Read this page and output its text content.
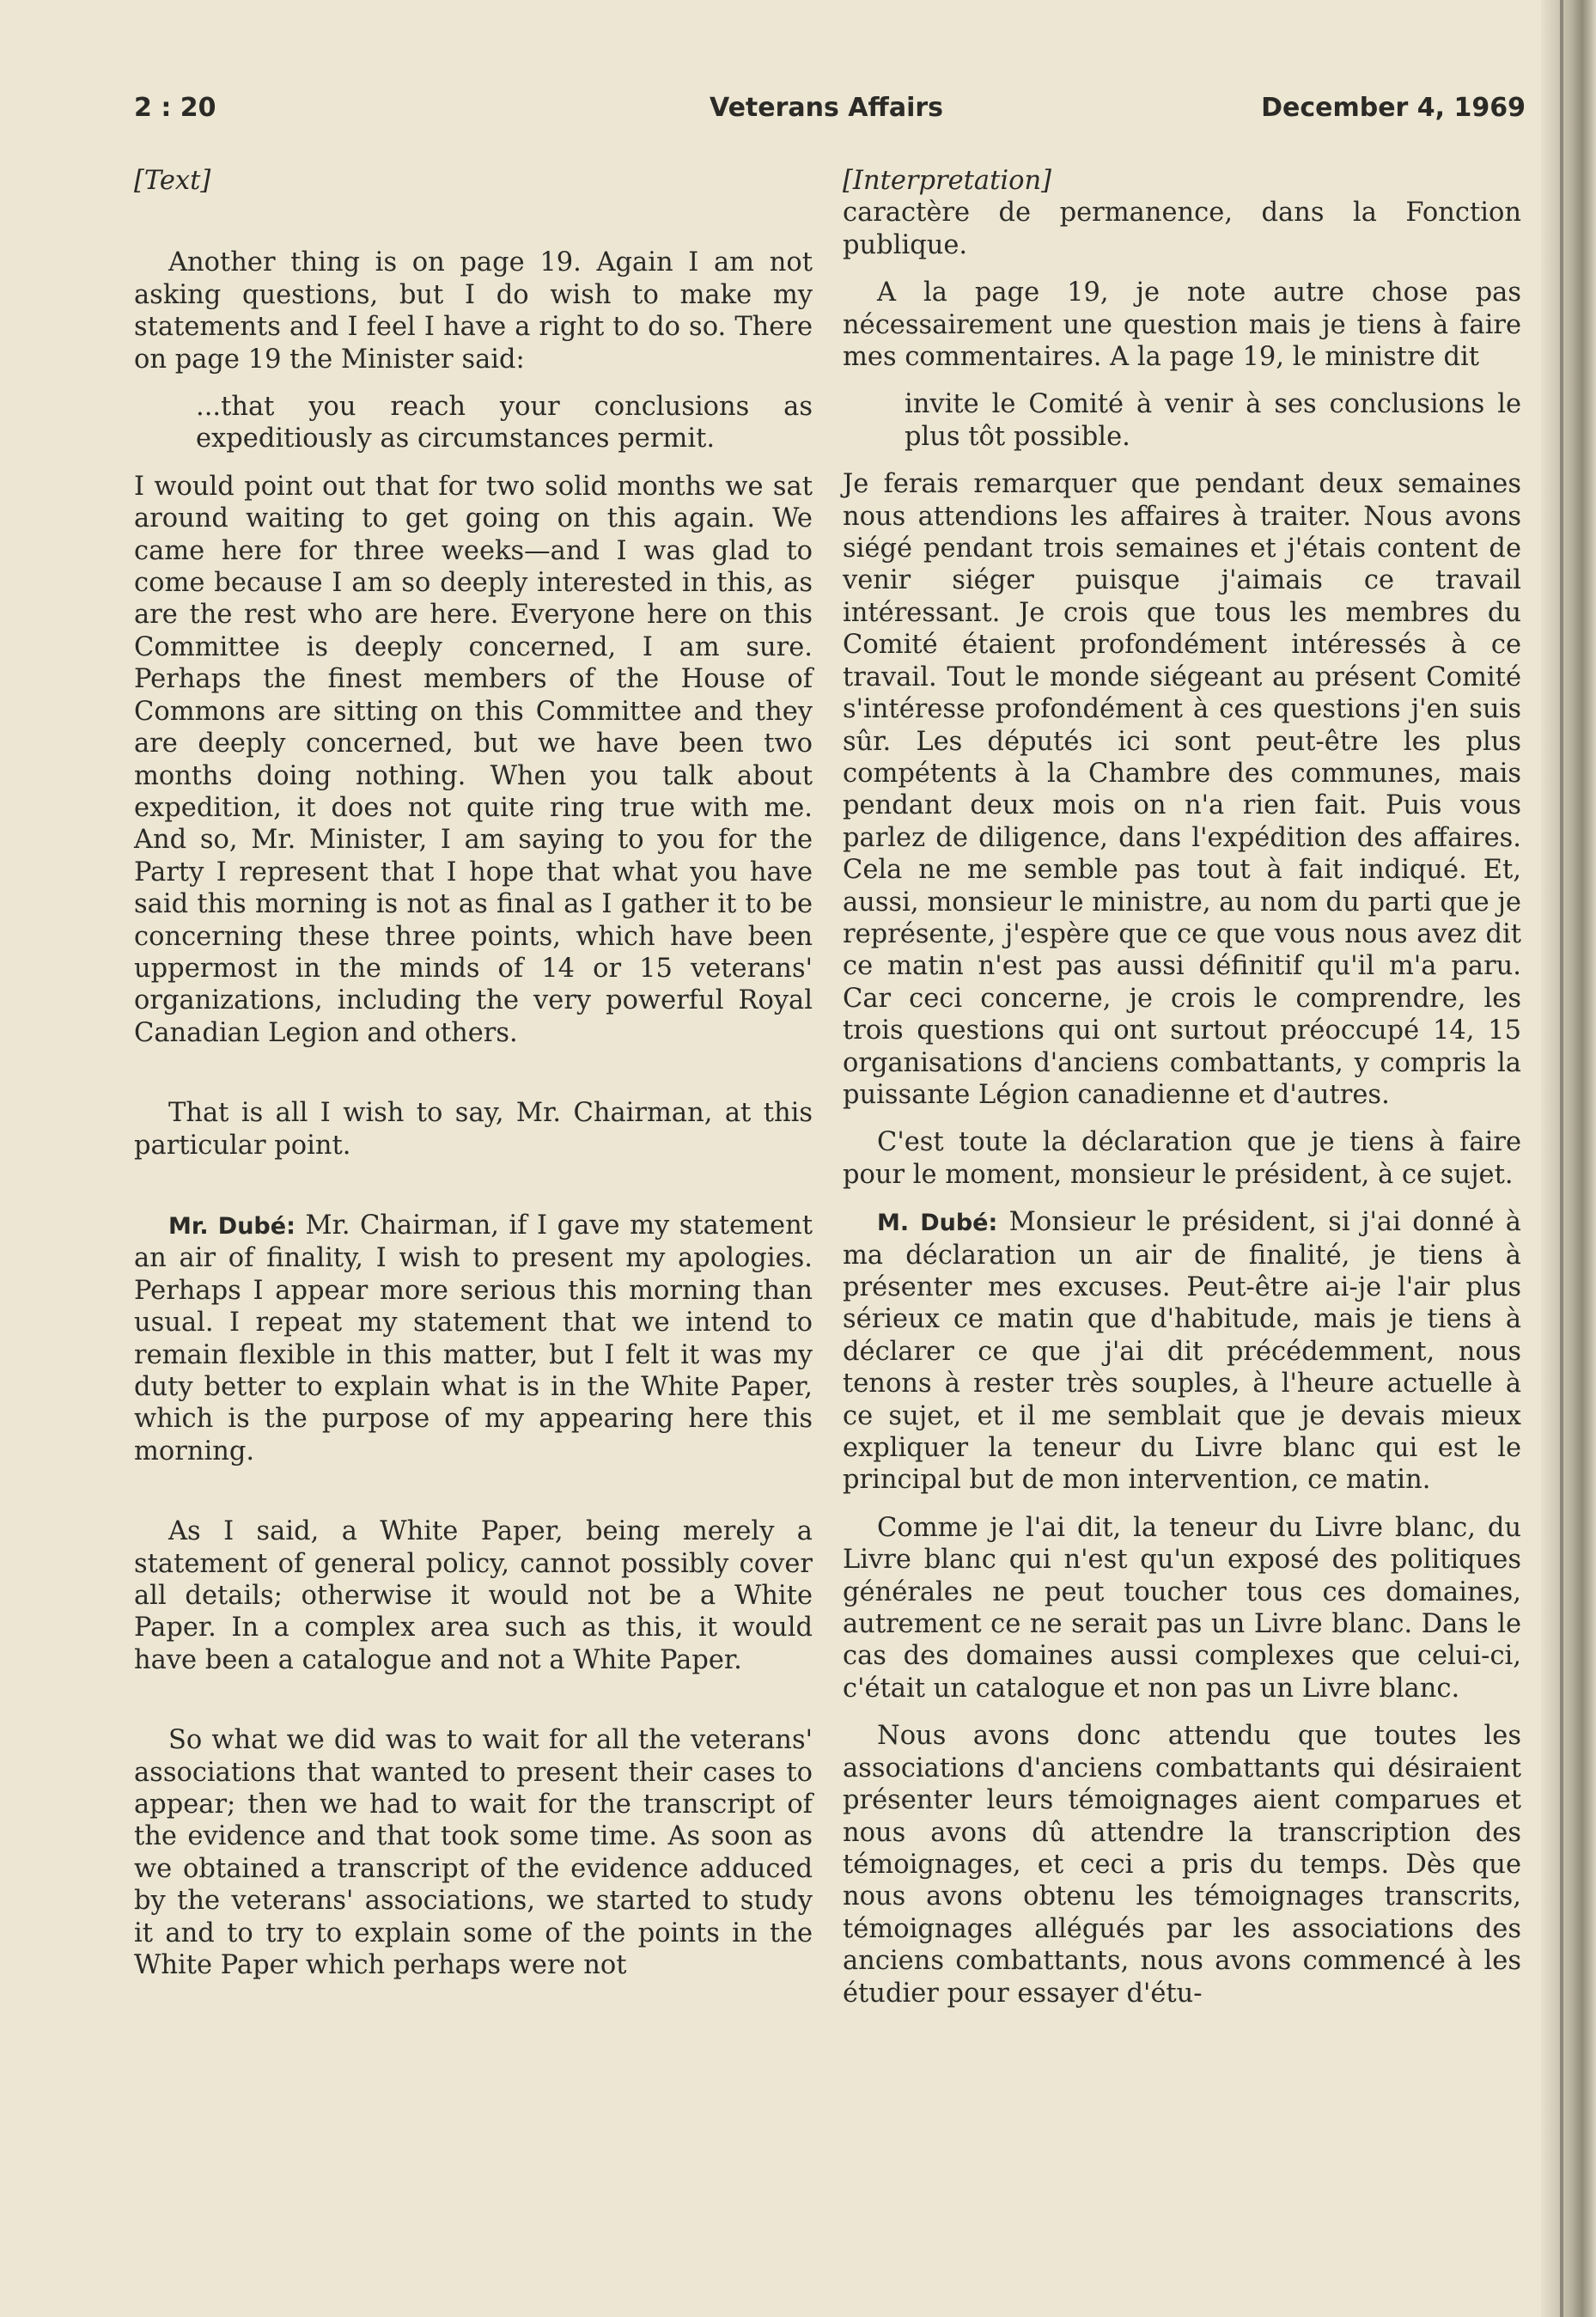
2 : 20	Veterans Affairs	December 4, 1969

[Text]

Another thing is on page 19. Again I am not asking questions, but I do wish to make my statements and I feel I have a right to do so. There on page 19 the Minister said:

...that you reach your conclusions as expeditiously as circumstances permit.

I would point out that for two solid months we sat around waiting to get going on this again. We came here for three weeks—and I was glad to come because I am so deeply interested in this, as are the rest who are here. Everyone here on this Committee is deeply concerned, I am sure. Perhaps the finest members of the House of Commons are sitting on this Committee and they are deeply concerned, but we have been two months doing nothing. When you talk about expedition, it does not quite ring true with me. And so, Mr. Minister, I am saying to you for the Party I represent that I hope that what you have said this morning is not as final as I gather it to be concerning these three points, which have been uppermost in the minds of 14 or 15 veterans' organizations, including the very powerful Royal Canadian Legion and others.

That is all I wish to say, Mr. Chairman, at this particular point.

Mr. Dubé: Mr. Chairman, if I gave my statement an air of finality, I wish to present my apologies. Perhaps I appear more serious this morning than usual. I repeat my statement that we intend to remain flexible in this matter, but I felt it was my duty better to explain what is in the White Paper, which is the purpose of my appearing here this morning.

As I said, a White Paper, being merely a statement of general policy, cannot possibly cover all details; otherwise it would not be a White Paper. In a complex area such as this, it would have been a catalogue and not a White Paper.

So what we did was to wait for all the veterans' associations that wanted to present their cases to appear; then we had to wait for the transcript of the evidence and that took some time. As soon as we obtained a transcript of the evidence adduced by the veterans' associations, we started to study it and to try to explain some of the points in the White Paper which perhaps were not

[Interpretation]

caractère de permanence, dans la Fonction publique.

A la page 19, je note autre chose pas nécessairement une question mais je tiens à faire mes commentaires. A la page 19, le ministre dit

invite le Comité à venir à ses conclusions le plus tôt possible.

Je ferais remarquer que pendant deux semaines nous attendions les affaires à traiter. Nous avons siégé pendant trois semaines et j'étais content de venir siéger puisque j'aimais ce travail intéressant. Je crois que tous les membres du Comité étaient profondément intéressés à ce travail. Tout le monde siégeant au présent Comité s'intéresse profondément à ces questions j'en suis sûr. Les députés ici sont peut-être les plus compétents à la Chambre des communes, mais pendant deux mois on n'a rien fait. Puis vous parlez de diligence, dans l'expédition des affaires. Cela ne me semble pas tout à fait indiqué. Et, aussi, monsieur le ministre, au nom du parti que je représente, j'espère que ce que vous nous avez dit ce matin n'est pas aussi définitif qu'il m'a paru. Car ceci concerne, je crois le comprendre, les trois questions qui ont surtout préoccupé 14, 15 organisations d'anciens combattants, y compris la puissante Légion canadienne et d'autres.

C'est toute la déclaration que je tiens à faire pour le moment, monsieur le président, à ce sujet.

M. Dubé: Monsieur le président, si j'ai donné à ma déclaration un air de finalité, je tiens à présenter mes excuses. Peut-être ai-je l'air plus sérieux ce matin que d'habitude, mais je tiens à déclarer ce que j'ai dit précédemment, nous tenons à rester très souples, à l'heure actuelle à ce sujet, et il me semblait que je devais mieux expliquer la teneur du Livre blanc qui est le principal but de mon intervention, ce matin.

Comme je l'ai dit, la teneur du Livre blanc, du Livre blanc qui n'est qu'un exposé des politiques générales ne peut toucher tous ces domaines, autrement ce ne serait pas un Livre blanc. Dans le cas des domaines aussi complexes que celui-ci, c'était un catalogue et non pas un Livre blanc.

Nous avons donc attendu que toutes les associations d'anciens combattants qui désiraient présenter leurs témoignages aient comparues et nous avons dû attendre la transcription des témoignages, et ceci a pris du temps. Dès que nous avons obtenu les témoignages transcrits, témoignages allégués par les associations des anciens combattants, nous avons commencé à les étudier pour essayer d'étu-
